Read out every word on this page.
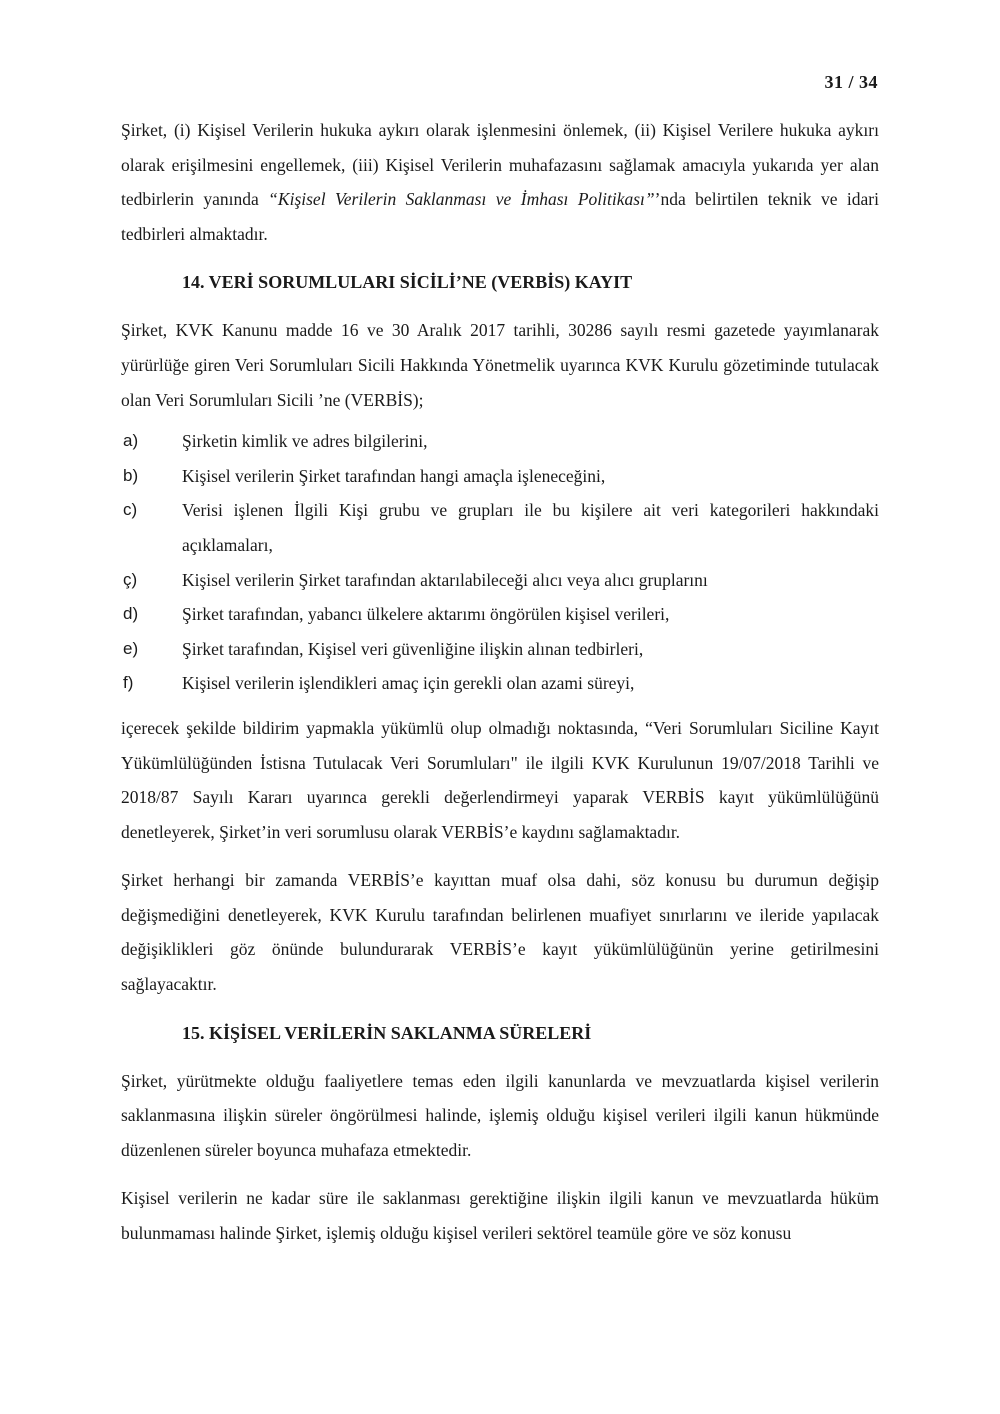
31 / 34

Şirket, (i) Kişisel Verilerin hukuka aykırı olarak işlenmesini önlemek, (ii) Kişisel Verilere hukuka aykırı olarak erişilmesini engellemek, (iii) Kişisel Verilerin muhafazasını sağlamak amacıyla yukarıda yer alan tedbirlerin yanında “Kişisel Verilerin Saklanması ve İmhası Politikası”’nda belirtilen teknik ve idari tedbirleri almaktadır.

14. VERİ SORUMLULARI SİCİLİ’NE (VERBİS) KAYIT

Şirket, KVK Kanunu madde 16 ve 30 Aralık 2017 tarihli, 30286 sayılı resmi gazetede yayımlanarak yürürlüğe giren Veri Sorumluları Sicili Hakkında Yönetmelik uyarınca KVK Kurulu gözetiminde tutulacak olan Veri Sorumluları Sicili ’ne (VERBİS);

a)	Şirketin kimlik ve adres bilgilerini,
b)	Kişisel verilerin Şirket tarafından hangi amaçla işleneceğini,
c)	Verisi işlenen İlgili Kişi grubu ve grupları ile bu kişilere ait veri kategorileri hakkındaki açıklamaları,
ç)	Kişisel verilerin Şirket tarafından aktarılabileceği alıcı veya alıcı gruplarını
d)	Şirket tarafından, yabancı ülkelere aktarımı öngörülen kişisel verileri,
e)	Şirket tarafından, Kişisel veri güvenliğine ilişkin alınan tedbirleri,
f)	Kişisel verilerin işlendikleri amaç için gerekli olan azami süreyi,

içerecek şekilde bildirim yapmakla yükümlü olup olmadığı noktasında, “Veri Sorumluları Siciline Kayıt Yükümlülüğünden İstisna Tutulacak Veri Sorumluları" ile ilgili KVK Kurulunun 19/07/2018 Tarihli ve 2018/87 Sayılı Kararı uyarınca gerekli değerlendirmeyi yaparak VERBİS kayıt yükümlülüğünü denetleyerek, Şirket’in veri sorumlusu olarak VERBİS’e kaydını sağlamaktadır.

Şirket herhangi bir zamanda VERBİS’e kayıttan muaf olsa dahi, söz konusu bu durumun değişip değişmediğini denetleyerek, KVK Kurulu tarafından belirlenen muafiyet sınırlarını ve ileride yapılacak değişiklikleri göz önünde bulundurarak VERBİS’e kayıt yükümlülüğünün yerine getirilmesini sağlayacaktır.

15. KİŞİSEL VERİLERİN SAKLANMA SÜRELERİ

Şirket, yürütmekte olduğu faaliyetlere temas eden ilgili kanunlarda ve mevzuatlarda kişisel verilerin saklanmasına ilişkin süreler öngörülmesi halinde, işlemiş olduğu kişisel verileri ilgili kanun hükmünde düzenlenen süreler boyunca muhafaza etmektedir.

Kişisel verilerin ne kadar süre ile saklanması gerektiğine ilişkin ilgili kanun ve mevzuatlarda hüküm bulunmaması halinde Şirket, işlemiş olduğu kişisel verileri sektörel teamüle göre ve söz konusu
